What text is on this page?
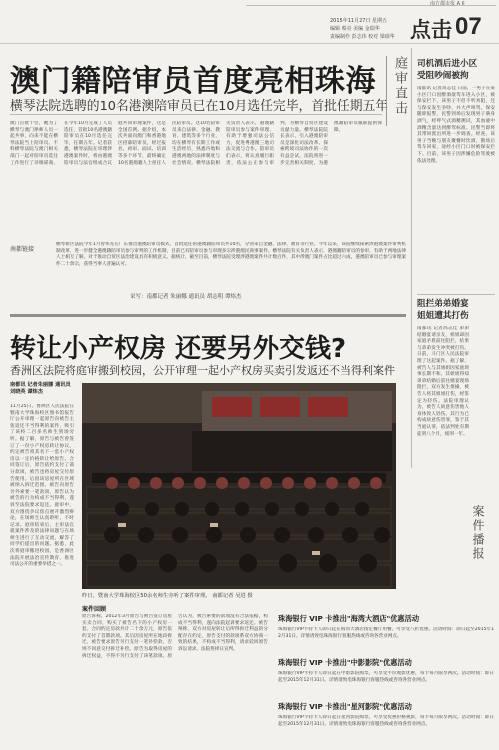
南方都市报 A II
2015年11月27日 星期五
编辑 蔡亮 美编 金瑞华
责编制作 彭志伟 校对 梁颂华 点击 07
澳门籍陪审员首度亮相珠海
横琴法院选聘的10名港澳陪审员已在10月选任完毕，首批任期五年
澳门首批十位，她为了横琴与澳门律师人员一起共事，向来不能在横琴法院当上陪审员。不料横琴法院与澳门相关部门一起对陪审员选任工作进行了详细磋商，在今年10月完成了人员选任，首批10名港澳籍陪审员在10月选任完毕，任期五年。记者获悉，横琴法院在审理涉港澳案件时，将由港澳陪审员与法官组成合议庭共同审理案件，这是全国首例。据介绍，本次共面向澳门和香港地区招募陪审员，经过报名、初审、面试、培训等多个环节，最终确定10名港澳籍人士担任人民陪审员。这10名陪审员来自法律、金融、教育、建筑等多个行业，均在横琴有长期工作或生活经历，熟悉内地和港澳两地的法律制度与社会情况。横琴法院相关负责人表示，港澳籍陪审员参与案件审理，有助于增强司法公信力，促进粤港澳三地司法交流与合作。陪审员们表示，将认真履行职责，依法公正参与审判，为横琴自贸区建设贡献力量。横琴法院院长表示，引入港澳陪审员是深化司法改革、探索跨境司法协作的一次有益尝试，法院将进一步完善相关制度，为港澳籍陪审员履职提供保障。
庭审直击
南都链接
横琴新区法院今年1月曾率先在广东推出港澳陪审员模式，首批选任的港澳籍陪审员共10名，分别来自金融、法律、教育等行业。今年以来，该院继续探索涉港澳案件审判机制改革，进一步健全港澳籍陪审员参与审判的工作机制，目前已有陪审员参与审理多宗涉港澳民商事案件。横琴法院有关负责人表示，港澳籍陪审员的参审，有助于两地法律人士相互了解，对于推动自贸区法治建设具有积极意义。据统计，截至目前，横琴法院受理涉港澳案件共计数百件，其中涉澳门案件占比超过六成，港澳陪审员已参与审理案件二十余宗，获得当事人普遍认可。
采写：南都记者 朱丽娜 通讯员 胡志明 谭炜杰
转让小产权房 还要另外交钱?
香洲区法院将庭审搬到校园，公开审理一起小产权房买卖引发返还不当得利案件
南都讯 记者朱丽娜 通讯员刘晓英 谭炜杰
11月25日，香洲区人民法院在暨南大学珠海校区图书馆报告厅公开审理一起原告向被告主张返还不当得利的案件，吸引了该校二百多名师生到场旁听。据了解，原告与被告曾签订了一份小产权房转让协议，约定被告将其名下一套小产权房以一定价格转让给原告。合同签订后，原告依约支付了部分款项，被告也将房屋交付原告使用。后因该房屋所在区域被纳入拆迁范围，被告向原告另外索要一笔款项，原告认为被告的行为构成不当得利，遂诉至法院要求返还。庭审中，双方围绕争议焦点展开激烈辩论，在场师生认真聆听，不时记录。庭审结束后，主审法官就案件涉及的法律问题与在场师生进行了互动交流，解答了同学们提出的问题。据悉，此次将庭审搬进校园，是香洲区法院开展法治宣传教育、推进司法公开的重要举措之一。
昨日，暨南大学珠海校区50余名师生旁听了案件审理。 南都记者 吴进 摄
案件回顾
原告诉称，2012年3月原告与被告签订房屋买卖合同，购买了被告名下的小产权房一套，合同约定房款共计二十余万元，原告依约支付了首期款项。其后因房屋所在地段拆迁，被告要求原告另行支付一笔补偿款，否则不同意交付拆迁补偿。原告为取得房屋的拆迁权益，不得不另行支付了该笔款项。原告认为，被告索要的款项没有合法依据，构成不当得利，遂向法院起诉要求返还。被告辩称，双方对房屋转让后所得拆迁利益的分配存在约定，原告支付的款项系双方协商一致的结果，不构成不当得利，请求驳回原告诉讼请求。法院将择日宣判。
司机酒后进小区
受阻吵闹被拘
南都讯 记者高志佳 日前，一男子在某小区门口因醉酒欲驾车进入小区，被保安拦下，该男子不但不听劝阻，还与保安发生争吵，并大声叫骂。保安随即报警，民警到场后发现男子满身酒气，经呼气式酒精测试，其血液中酒精含量达到醉驾标准。民警当即将其带回派出所进一步调查。经查，该男子当晚与朋友聚餐时饮酒，散场后驾车回家，途经小区门口时被保安拦下。目前，该男子因涉嫌危险驾驶被依法处理。
阻拦弟弟婚宴
姐姐遭其打伤
南都讯 记者高志佳 弟弟结婚宴请亲友，姐姐却因家庭矛盾前往阻拦，结果与弟弟发生冲突被打伤。日前，斗门区人民法院审理了这起案件。据了解，被告人与其姐姐因家庭琐事长期不和，其姐姐得知弟弟结婚后前往婚宴现场阻拦，双方发生推搡，被告人将其姐姐打伤，经鉴定为轻伤。法院审理认为，被告人故意伤害他人身体致人轻伤，其行为已构成故意伤害罪，鉴于其当庭认罪，依法判处有期徒刑八个月，缓刑一年。
案件播报
珠海银行 VIP 卡推出"海湾大酒店"优惠活动
珠海银行VIP卡持卡人即日起在海湾大酒店指定餐厅用餐，可享受八折优惠。活动时间：即日起至2015年12月31日。详情请致电珠海银行客服热线或咨询各营业网点。
珠海银行 VIP 卡推出"中影影院"优惠活动
珠海银行VIP卡持卡人即日起在中影影院购票，可享受半价观影优惠，每卡每月限享两次。活动时间：即日起至2015年12月31日。详情请致电珠海银行客服热线或咨询各营业网点。
珠海银行 VIP 卡推出"星河影院"优惠活动
珠海银行VIP卡持卡人即日起在星河影院购票，可享受优惠价格观影，每卡每月限享两次。活动时间：即日起至2015年12月31日。详情请致电珠海银行客服热线或咨询各营业网点。
